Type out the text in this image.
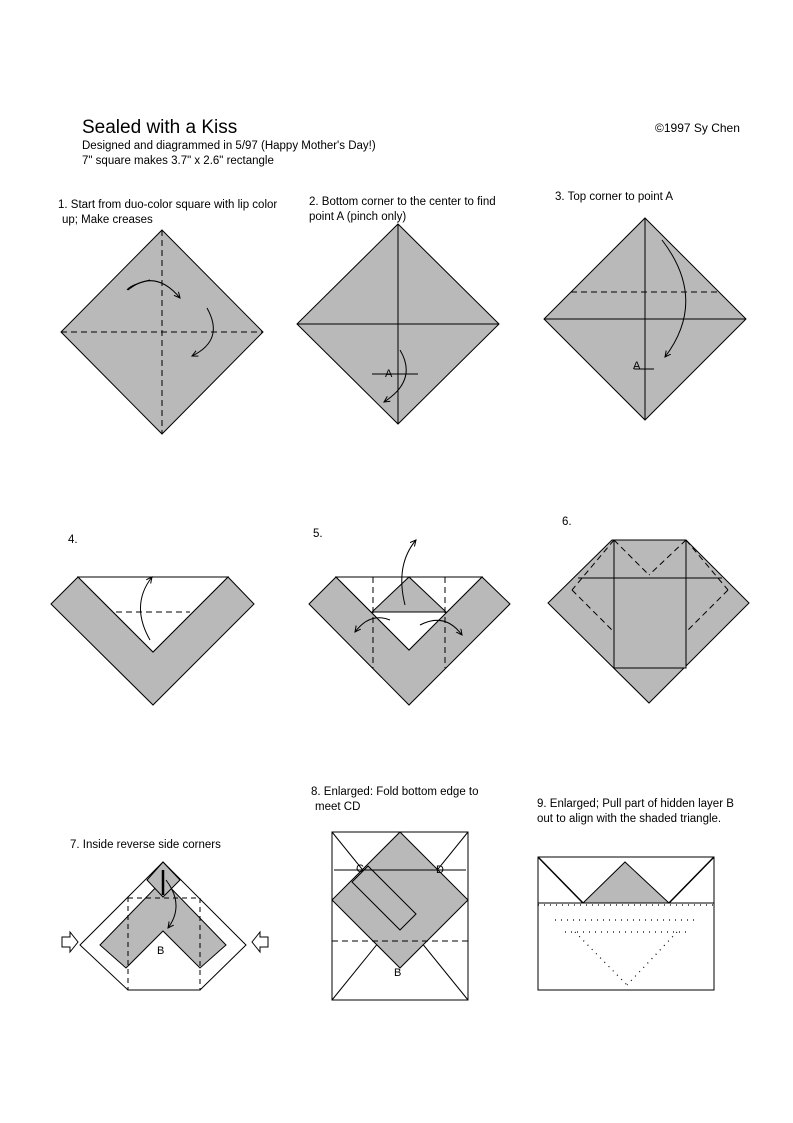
Sealed with a Kiss
Designed and diagrammed in 5/97 (Happy Mother's Day!)
7" square makes 3.7" x 2.6" rectangle
©1997 Sy Chen
1. Start from duo-color square with lip color
up; Make creases
2. Bottom corner to the center to find
point A (pinch only)
3. Top corner to point A
4.	5.
6.
7. Inside reverse side corners
8. Enlarged: Fold bottom edge to
meet CD	9. Enlarged; Pull part of hidden layer B
out to align with the shaded triangle.
A
A
B
C	D
B
